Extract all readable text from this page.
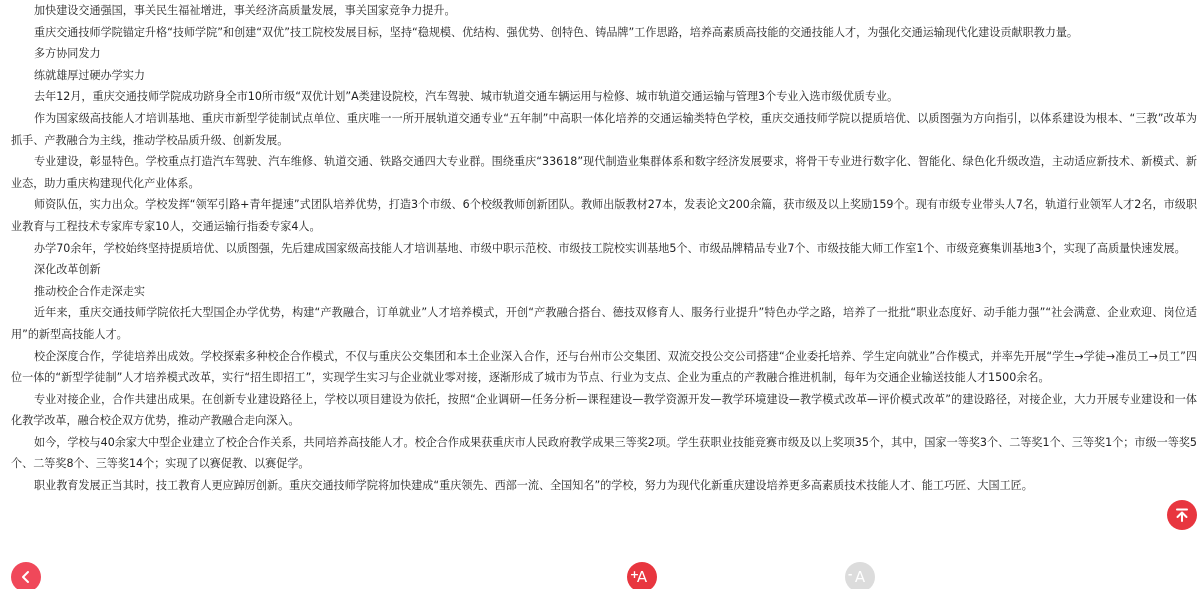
加快建设交通强国，事关民生福祉增进，事关经济高质量发展，事关国家竞争力提升。

重庆交通技师学院锚定升格“技师学院”和创建“双优”技工院校发展目标，坚持“稳规模、优结构、强优势、创特色、铸品牌”工作思路，培养高素质高技能的交通技能人才，为强化交通运输现代化建设贡献职教力量。

多方协同发力

练就雄厚过硬办学实力

去年12月，重庆交通技师学院成功跻身全市10所市级“双优计划”A类建设院校，汽车驾驶、城市轨道交通车辆运用与检修、城市轨道交通运输与管理3个专业入选市级优质专业。

作为国家级高技能人才培训基地、重庆市新型学徒制试点单位、重庆唯一一所开展轨道交通专业“五年制”中高职一体化培养的交通运输类特色学校，重庆交通技师学院以提质培优、以质图强为方向指引，以体系建设为根本、“三教”改革为抓手、产教融合为主线，推动学校品质升级、创新发展。

专业建设，彰显特色。学校重点打造汽车驾驶、汽车维修、轨道交通、铁路交通四大专业群。围绕重庆“33618”现代制造业集群体系和数字经济发展要求，将骨干专业进行数字化、智能化、绿色化升级改造，主动适应新技术、新模式、新业态，助力重庆构建现代化产业体系。

师资队伍，实力出众。学校发挥“领军引路+青年提速”式团队培养优势，打造3个市级、6个校级教师创新团队。教师出版教材27本，发表论文200余篇，获市级及以上奖励159个。现有市级专业带头人7名，轨道行业领军人才2名，市级职业教育与工程技术专家库专家10人，交通运输行指委专家4人。

办学70余年，学校始终坚持提质培优、以质图强，先后建成国家级高技能人才培训基地、市级中职示范校、市级技工院校实训基地5个、市级品牌精品专业7个、市级技能大师工作室1个、市级竞赛集训基地3个，实现了高质量快速发展。

深化改革创新

推动校企合作走深走实

近年来，重庆交通技师学院依托大型国企办学优势，构建“产教融合，订单就业”人才培养模式，开创“产教融合搭台、德技双修育人、服务行业提升”特色办学之路，培养了一批批“职业态度好、动手能力强”“社会满意、企业欢迎、岗位适用”的新型高技能人才。

校企深度合作，学徒培养出成效。学校探索多种校企合作模式，不仅与重庆公交集团和本土企业深入合作，还与台州市公交集团、双流交投公交公司搭建“企业委托培养、学生定向就业”合作模式，并率先开展“学生→学徒→准员工→员工”四位一体的“新型学徒制”人才培养模式改革，实行“招生即招工”，实现学生实习与企业就业零对接，逐渐形成了城市为节点、行业为支点、企业为重点的产教融合推进机制，每年为交通企业输送技能人才1500余名。

专业对接企业，合作共建出成果。在创新专业建设路径上，学校以项目建设为依托，按照“企业调研—任务分析—课程建设—教学资源开发—教学环境建设—教学模式改革—评价模式改革”的建设路径，对接企业，大力开展专业建设和一体化教学改革，融合校企双方优势，推动产教融合走向深入。

如今，学校与40余家大中型企业建立了校企合作关系，共同培养高技能人才。校企合作成果获重庆市人民政府教学成果三等奖2项。学生获职业技能竞赛市级及以上奖项35个，其中，国家一等奖3个、二等奖1个、三等奖1个；市级一等奖5个、二等奖8个、三等奖14个；实现了以赛促教、以赛促学。

职业教育发展正当其时，技工教育人更应踔厉创新。重庆交通技师学院将加快建成“重庆领先、西部一流、全国知名”的学校，努力为现代化新重庆建设培养更多高素质技术技能人才、能工巧匠、大国工匠。

+
A	- A
